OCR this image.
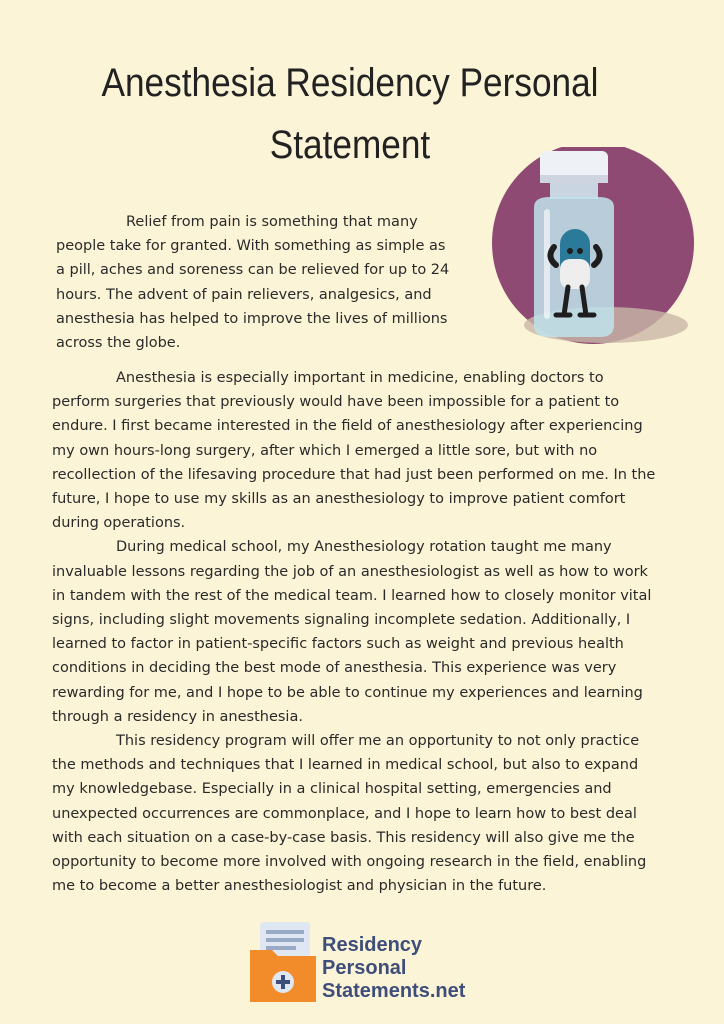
Anesthesia Residency Personal
Statement

Relief from pain is something that many people take for granted. With something as simple as a pill, aches and soreness can be relieved for up to 24 hours. The advent of pain relievers, analgesics, and anesthesia has helped to improve the lives of millions across the globe.

Anesthesia is especially important in medicine, enabling doctors to perform surgeries that previously would have been impossible for a patient to endure. I first became interested in the field of anesthesiology after experiencing my own hours-long surgery, after which I emerged a little sore, but with no recollection of the lifesaving procedure that had just been performed on me. In the future, I hope to use my skills as an anesthesiology to improve patient comfort during operations.

During medical school, my Anesthesiology rotation taught me many invaluable lessons regarding the job of an anesthesiologist as well as how to work in tandem with the rest of the medical team. I learned how to closely monitor vital signs, including slight movements signaling incomplete sedation. Additionally, I learned to factor in patient-specific factors such as weight and previous health conditions in deciding the best mode of anesthesia. This experience was very rewarding for me, and I hope to be able to continue my experiences and learning through a residency in anesthesia.

This residency program will offer me an opportunity to not only practice the methods and techniques that I learned in medical school, but also to expand my knowledgebase. Especially in a clinical hospital setting, emergencies and unexpected occurrences are commonplace, and I hope to learn how to best deal with each situation on a case-by-case basis. This residency will also give me the opportunity to become more involved with ongoing research in the field, enabling me to become a better anesthesiologist and physician in the future.

Residency
Personal
Statements.net
